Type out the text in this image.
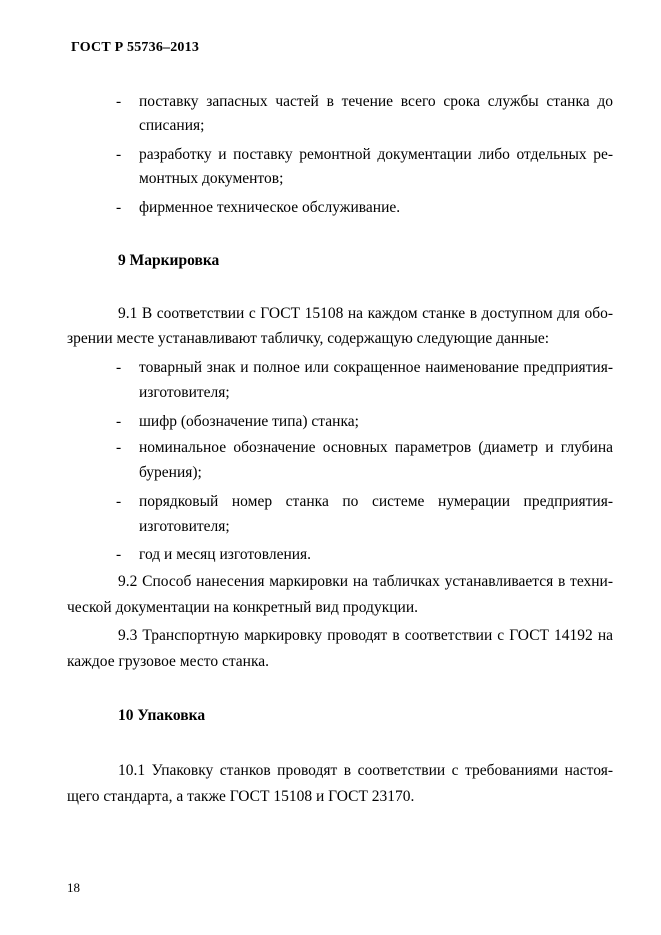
ГОСТ Р 55736–2013
- поставку запасных частей в течение всего срока службы станка до
списания;
- разработку и поставку ремонтной документации либо отдельных ре-
монтных документов;
- фирменное техническое обслуживание.
9 Маркировка
9.1 В соответствии с ГОСТ 15108 на каждом станке в доступном для обо-
зрении месте устанавливают табличку, содержащую следующие данные:
- товарный знак и полное или сокращенное наименование предприятия-
изготовителя;
- шифр (обозначение типа) станка;
- номинальное обозначение основных параметров (диаметр и глубина
бурения);
- порядковый номер станка по системе нумерации предприятия-
изготовителя;
- год и месяц изготовления.
9.2 Способ нанесения маркировки на табличках устанавливается в техни-
ческой документации на конкретный вид продукции.
9.3 Транспортную маркировку проводят в соответствии с ГОСТ 14192 на
каждое грузовое место станка.
10 Упаковка
10.1 Упаковку станков проводят в соответствии с требованиями настоя-
щего стандарта, а также ГОСТ 15108 и ГОСТ 23170.
18
